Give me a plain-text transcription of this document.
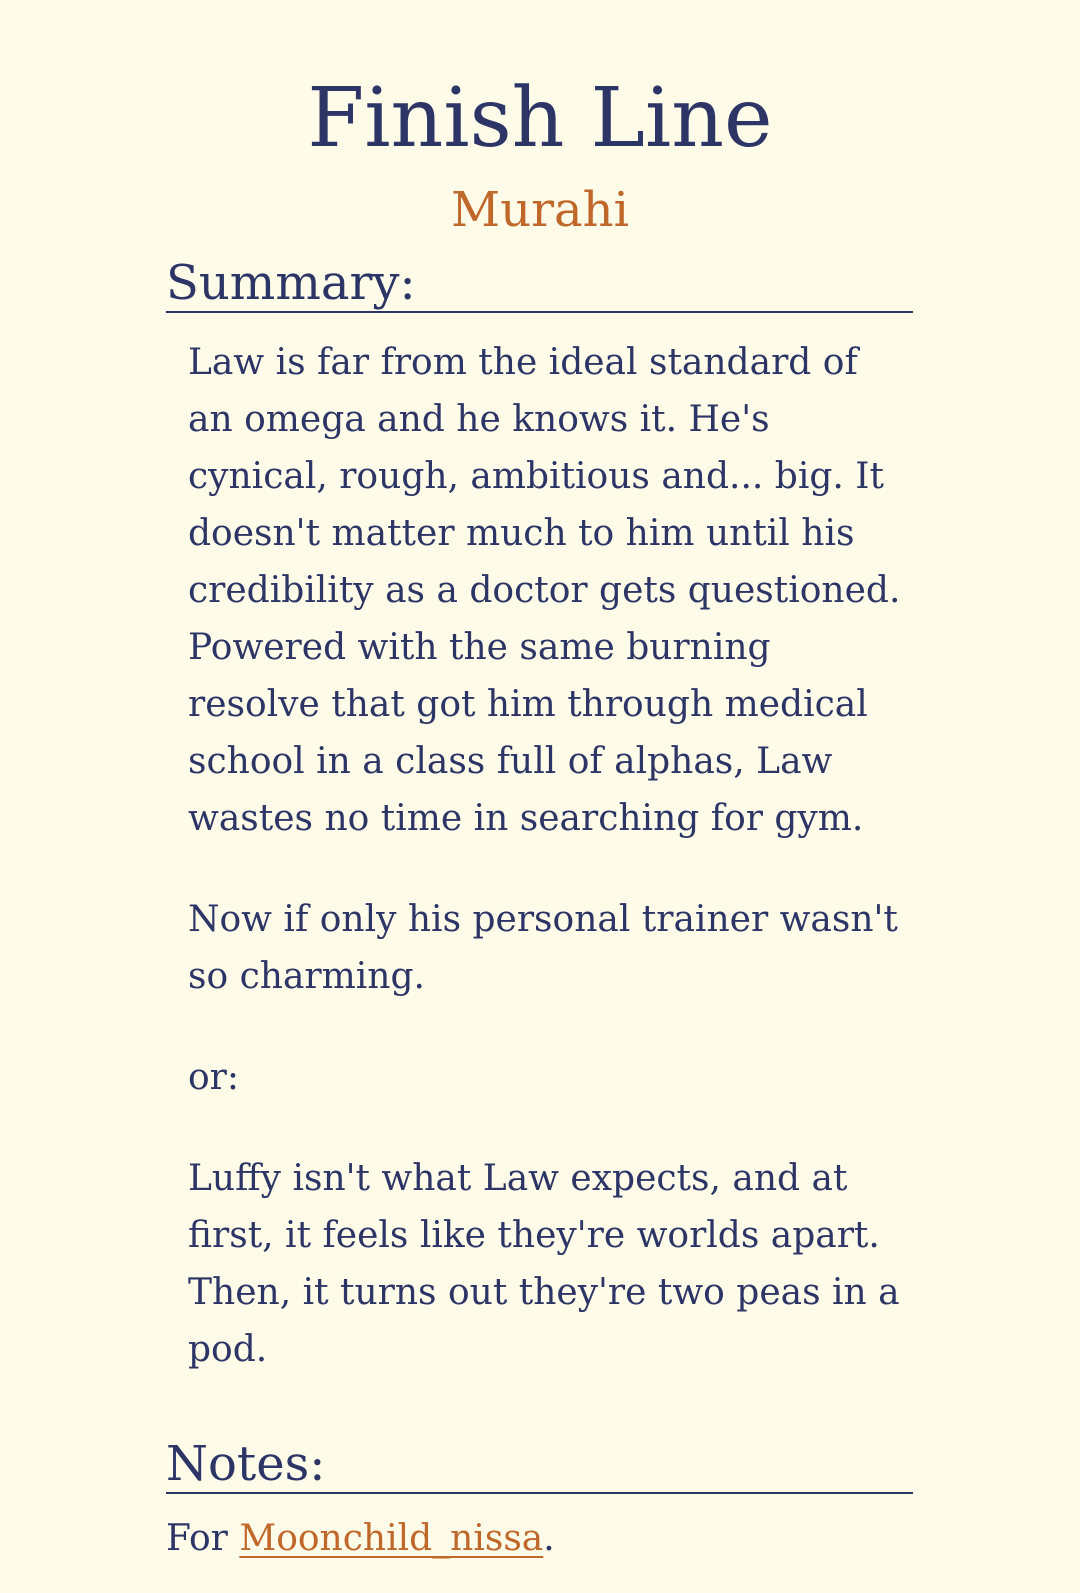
Finish Line
Murahi
Summary:

Law is far from the ideal standard of an omega and he knows it. He's cynical, rough, ambitious and... big. It doesn't matter much to him until his credibility as a doctor gets questioned. Powered with the same burning resolve that got him through medical school in a class full of alphas, Law wastes no time in searching for gym.

Now if only his personal trainer wasn't so charming.

or:

Luffy isn't what Law expects, and at first, it feels like they're worlds apart. Then, it turns out they're two peas in a pod.

Notes:

For Moonchild_nissa.
